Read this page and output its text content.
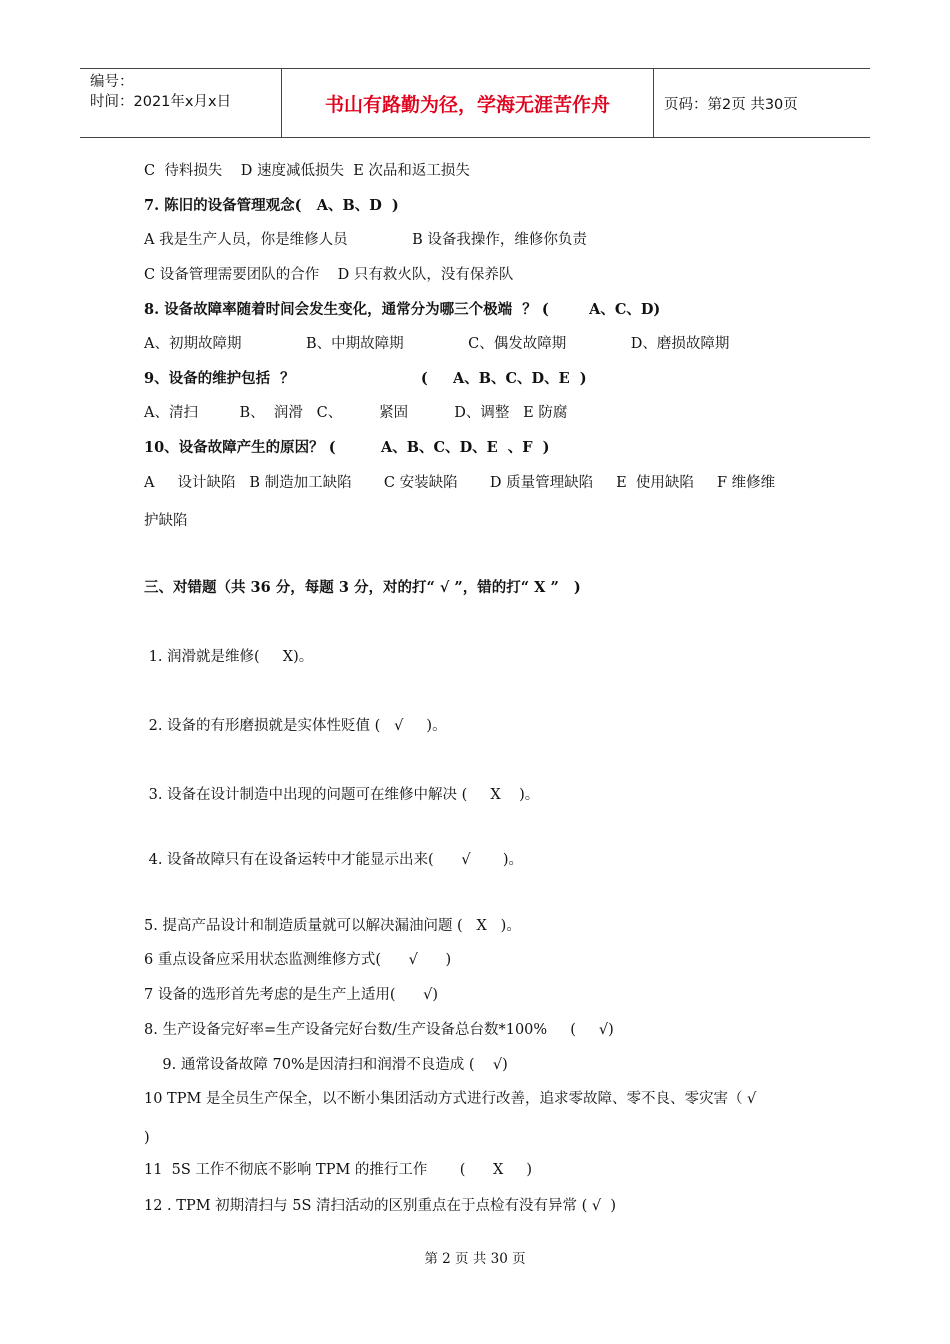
编号：
时间：2021年x月x日	书山有路勤为径，学海无涯苦作舟	页码：第2页 共30页
C  待料损失    D 速度减低损失  E 次品和返工损失
7. 陈旧的设备管理观念(   A、B、D  )
A 我是生产人员，你是维修人员              B 设备我操作，维修你负责
C 设备管理需要团队的合作    D 只有救火队，没有保养队
8. 设备故障率随着时间会发生变化，通常分为哪三个极端  ？ (        A、C、D)
A、初期故障期              B、中期故障期              C、偶发故障期              D、磨损故障期
9、设备的维护包括  ？                         (     A、B、C、D、E  )
A、清扫         B、  润滑   C、        紧固          D、调整   E 防腐
10、设备故障产生的原因？ (         A、B、C、D、E  、F  )
A     设计缺陷   B 制造加工缺陷       C 安装缺陷       D 质量管理缺陷     E  使用缺陷     F 维修维
护缺陷
三、对错题（共 36 分，每题 3 分，对的打“ √ ”，错的打“ X ”   )
1. 润滑就是维修(     X)。
2. 设备的有形磨损就是实体性贬值 (   √     )。
3. 设备在设计制造中出现的问题可在维修中解决 (     X    )。
4. 设备故障只有在设备运转中才能显示出来(      √       )。
5. 提高产品设计和制造质量就可以解决漏油问题 (   X   )。
6 重点设备应采用状态监测维修方式(      √      )
7 设备的选形首先考虑的是生产上适用(      √)
8. 生产设备完好率=生产设备完好台数/生产设备总台数*100%     (     √)
9. 通常设备故障 70%是因清扫和润滑不良造成 (    √)
10 TPM 是全员生产保全，以不断小集团活动方式进行改善，追求零故障、零不良、零灾害（ √
)
11  5S 工作不彻底不影响 TPM 的推行工作       (      X     )
12 . TPM 初期清扫与 5S 清扫活动的区别重点在于点检有没有异常 ( √  )
第 2 页 共 30 页
